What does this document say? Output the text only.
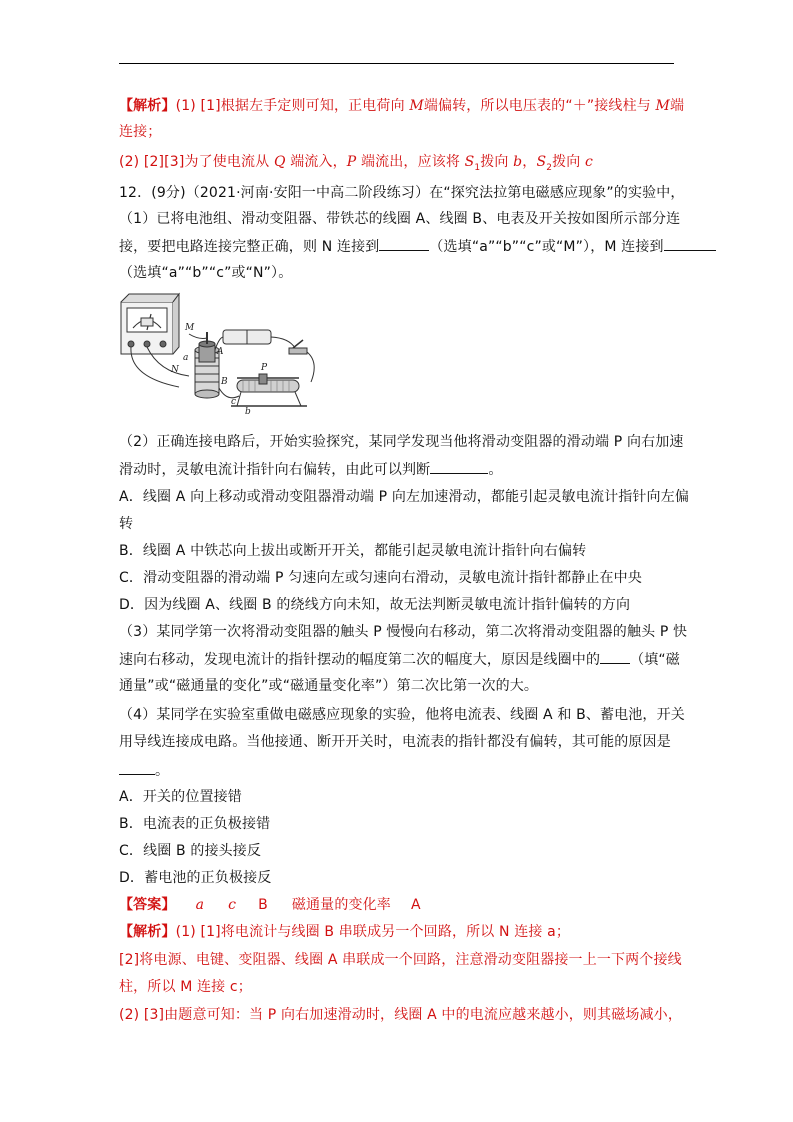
【解析】(1) [1]根据左手定则可知，正电荷向 M端偏转，所以电压表的“＋”接线柱与 M端
连接；
(2) [2][3]为了使电流从 Q 端流入，P 端流出，应该将 $S_1$拨向 b，$S_2$拨向 c
12．(9分)（2021·河南·安阳一中高二阶段练习）在“探究法拉第电磁感应现象”的实验中，
（1）已将电池组、滑动变阻器、带铁芯的线圈 A、线圈 B、电表及开关按如图所示部分连
接，要把电路连接完整正确，则 N 连接到	（选填“a”“b”“c”或“M”），M 连接到
（选填“a”“b”“c”或“N”）。
M
N
a
A
B
P
c
b
（2）正确连接电路后，开始实验探究，某同学发现当他将滑动变阻器的滑动端 P 向右加速
滑动时，灵敏电流计指针向右偏转，由此可以判断	。
A．线圈 A 向上移动或滑动变阻器滑动端 P 向左加速滑动，都能引起灵敏电流计指针向左偏
转
B．线圈 A 中铁芯向上拔出或断开开关，都能引起灵敏电流计指针向右偏转
C．滑动变阻器的滑动端 P 匀速向左或匀速向右滑动，灵敏电流计指针都静止在中央
D．因为线圈 A、线圈 B 的绕线方向未知，故无法判断灵敏电流计指针偏转的方向
（3）某同学第一次将滑动变阻器的触头 P 慢慢向右移动，第二次将滑动变阻器的触头 P 快
速向右移动，发现电流计的指针摆动的幅度第二次的幅度大，原因是线圈中的 （填“磁
通量”或“磁通量的变化”或“磁通量变化率”）第二次比第一次的大。
（4）某同学在实验室重做电磁感应现象的实验，他将电流表、线圈 A 和 B、蓄电池，开关
用导线连接成电路。当他接通、断开开关时，电流表的指针都没有偏转，其可能的原因是
。
A．开关的位置接错
B．电流表的正负极接错
C．线圈 B 的接头接反
D．蓄电池的正负极接反
【答案】 a c B 磁通量的变化率 A
【解析】(1) [1]将电流计与线圈 B 串联成另一个回路，所以 N 连接 a；
[2]将电源、电键、变阻器、线圈 A 串联成一个回路，注意滑动变阻器接一上一下两个接线
柱，所以 M 连接 c；
(2) [3]由题意可知：当 P 向右加速滑动时，线圈 A 中的电流应越来越小，则其磁场减小，
